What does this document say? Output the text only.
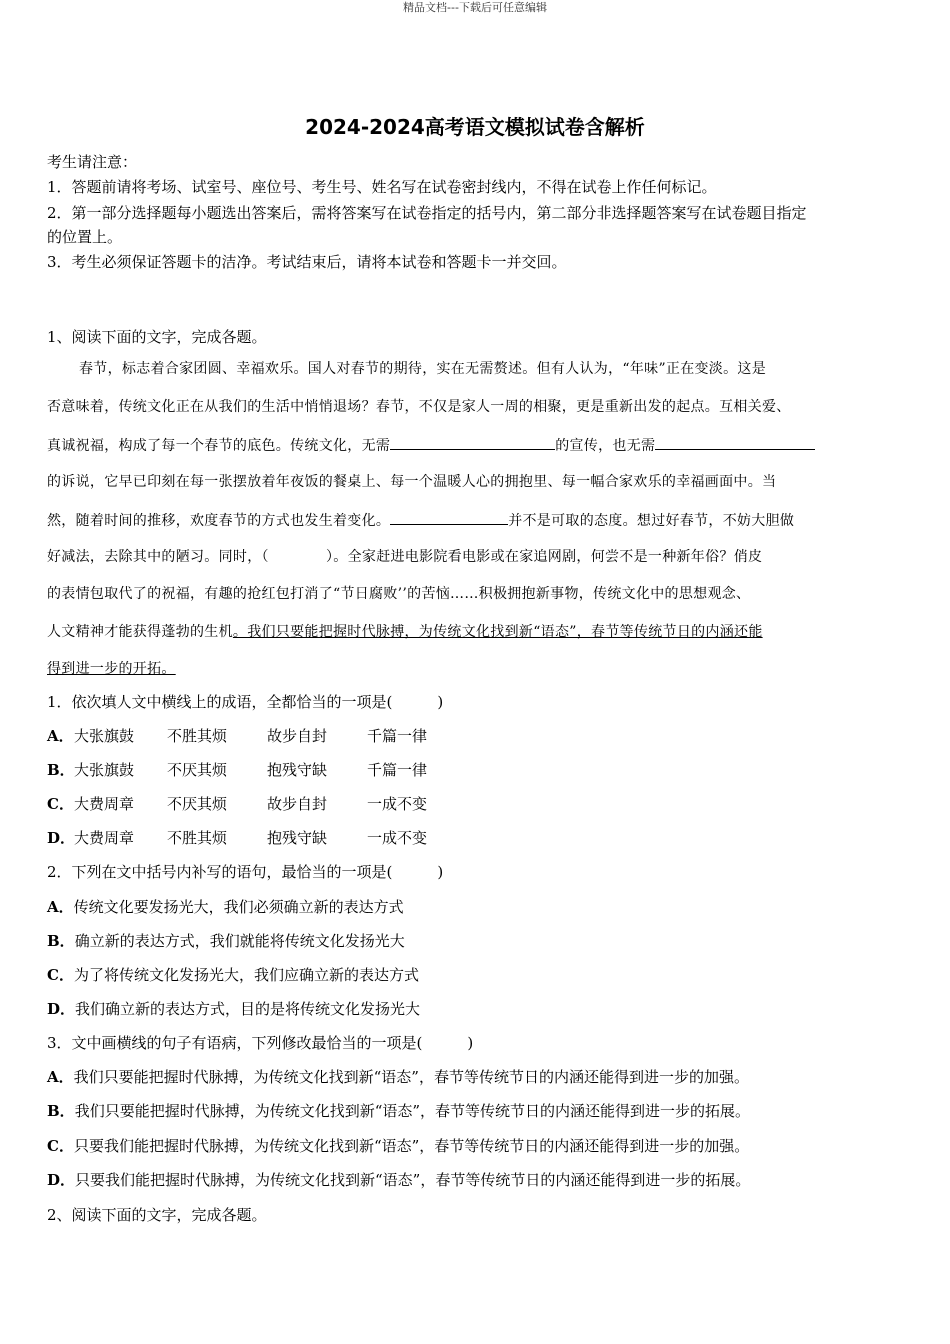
精品文档---下载后可任意编辑
2024-2024高考语文模拟试卷含解析
考生请注意：
1．答题前请将考场、试室号、座位号、考生号、姓名写在试卷密封线内，不得在试卷上作任何标记。
2．第一部分选择题每小题选出答案后，需将答案写在试卷指定的括号内，第二部分非选择题答案写在试卷题目指定
的位置上。
3．考生必须保证答题卡的洁净。考试结束后，请将本试卷和答题卡一并交回。
1、阅读下面的文字，完成各题。
春节，标志着合家团圆、幸福欢乐。国人对春节的期待，实在无需赘述。但有人认为，“年味”正在变淡。这是
否意味着，传统文化正在从我们的生活中悄悄退场？春节，不仅是家人一周的相聚，更是重新出发的起点。互相关爱、
真诚祝福，构成了每一个春节的底色。传统文化，无需	的宣传，也无需
的诉说，它早已印刻在每一张摆放着年夜饭的餐桌上、每一个温暖人心的拥抱里、每一幅合家欢乐的幸福画面中。当
然，随着时间的推移，欢度春节的方式也发生着变化。	并不是可取的态度。想过好春节，不妨大胆做
好减法，去除其中的陋习。同时，（　　　　）。全家赶进电影院看电影或在家追网剧，何尝不是一种新年俗？俏皮
的表情包取代了的祝福，有趣的抢红包打消了“节日腐败’’的苦恼……积极拥抱新事物，传统文化中的思想观念、
人文精神才能获得蓬勃的生机。我们只要能把握时代脉搏，为传统文化找到新“语态”，春节等传统节日的内涵还能
得到进一步的开拓。
1．依次填人文中横线上的成语，全都恰当的一项是(　　　)
A．大张旗鼓 不胜其烦	故步自封	千篇一律
B．大张旗鼓 不厌其烦	抱残守缺	千篇一律
C．大费周章 不厌其烦	故步自封	一成不变
D．大费周章 不胜其烦	抱残守缺	一成不变
2．下列在文中括号内补写的语句，最恰当的一项是(　　　)
A．传统文化要发扬光大，我们必须确立新的表达方式
B．确立新的表达方式，我们就能将传统文化发扬光大
C．为了将传统文化发扬光大，我们应确立新的表达方式
D．我们确立新的表达方式，目的是将传统文化发扬光大
3．文中画横线的句子有语病，下列修改最恰当的一项是(　　　)
A．我们只要能把握时代脉搏，为传统文化找到新“语态”，春节等传统节日的内涵还能得到进一步的加强。
B．我们只要能把握时代脉搏，为传统文化找到新“语态”，春节等传统节日的内涵还能得到进一步的拓展。
C．只要我们能把握时代脉搏，为传统文化找到新“语态”，春节等传统节日的内涵还能得到进一步的加强。
D．只要我们能把握时代脉搏，为传统文化找到新“语态”，春节等传统节日的内涵还能得到进一步的拓展。
2、阅读下面的文字，完成各题。
